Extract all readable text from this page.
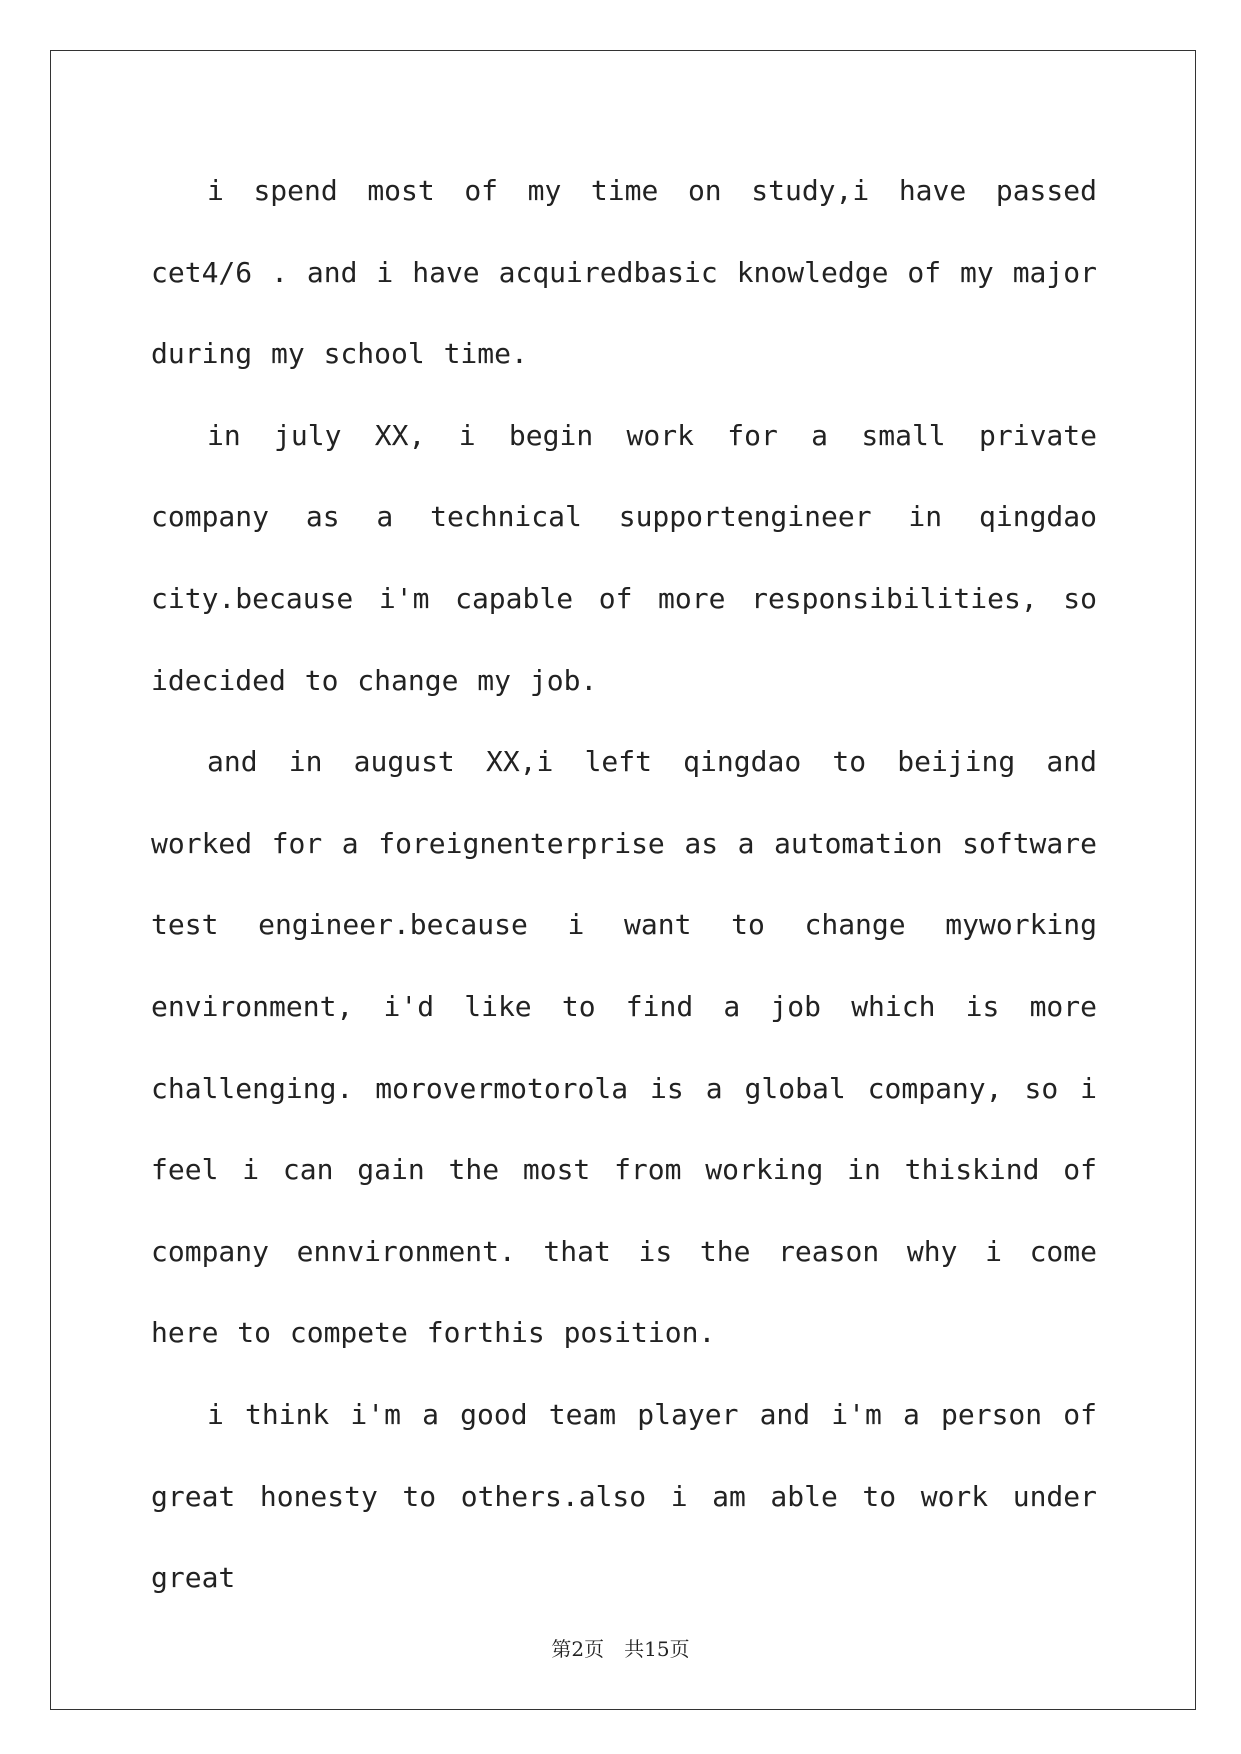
i spend most of my time on study,i have passed cet4/6 . and i have acquiredbasic knowledge of my major during my school time.

in july XX, i begin work for a small private company as a technical supportengineer in qingdao city.because i'm capable of more responsibilities, so idecided to change my job.

and in august XX,i left qingdao to beijing and worked for a foreignenterprise as a automation software test engineer.because i want to change myworking environment, i'd like to find a job which is more challenging. morovermotorola is a global company, so i feel i can gain the most from working in thiskind of company ennvironment. that is the reason why i come here to compete forthis position.

i think i'm a good team player and i'm a person of great honesty to others.also i am able to work under great

第2页　共15页
